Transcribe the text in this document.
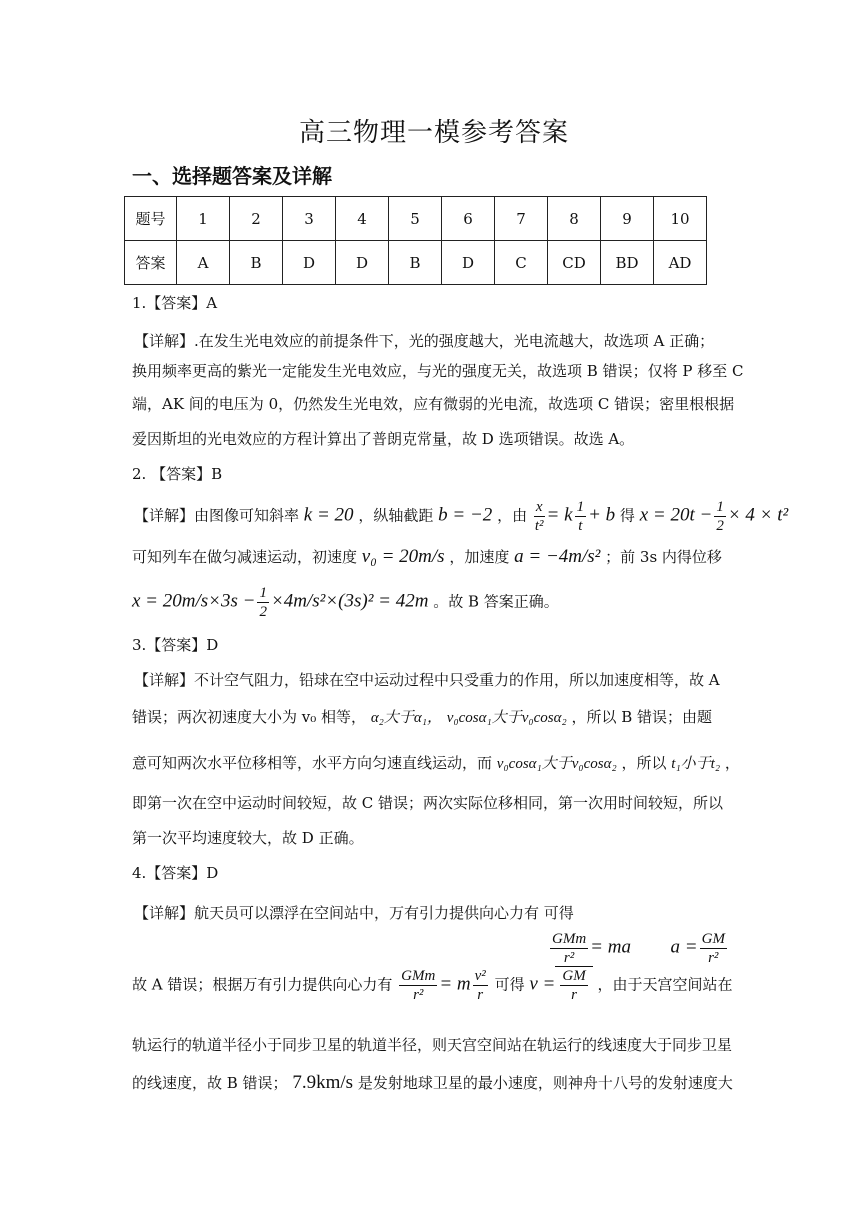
高三物理一模参考答案
一、选择题答案及详解
题号	1	2	3	4	5	6	7	8	9	10
答案	A	B	D	D	B	D	C	CD	BD	AD
1.【答案】A
【详解】.在发生光电效应的前提条件下，光的强度越大，光电流越大，故选项 A 正确；
换用频率更高的紫光一定能发生光电效应，与光的强度无关，故选项 B 错误；仅将 P 移至 C
端，AK 间的电压为 0，仍然发生光电效，应有微弱的光电流，故选项 C 错误；密里根根据
爱因斯坦的光电效应的方程计算出了普朗克常量，故 D 选项错误。故选 A。
2. 【答案】B
【详解】由图像可知斜率 k = 20 ，纵轴截距 b = −2 ，由 $\frac{x}{\text{t²}} = k \frac{1}{t} + b$ 得 $x = 20t - \frac{1}{2} \times 4 \times t^2$
可知列车在做匀减速运动，初速度 v₀ = 20m/s ，加速度 a = −4m/s² ；前 3s 内得位移
$x = 20m/s\times 3s - \frac{1}{2} \times 4m/s^2\times(3s)^2 = 42m$ 。故 B 答案正确。
3.【答案】D
【详解】不计空气阻力，铅球在空中运动过程中只受重力的作用，所以加速度相等，故 A
错误；两次初速度大小为 v₀ 相等， α₂大于α₁， v₀cosα₁大于v₀cosα₂ ，所以 B 错误；由题
意可知两次水平位移相等，水平方向匀速直线运动，而 v₀cosα₁大于v₀cosα₂ ，所以 t₁小于t₂ ，
即第一次在空中运动时间较短，故 C 错误；两次实际位移相同，第一次用时间较短，所以
第一次平均速度较大，故 D 正确。
4.【答案】D
【详解】航天员可以漂浮在空间站中，万有引力提供向心力有 可得
$\frac{\text{GMm}}{\text{r²}}$ = ma $a = \frac{GM}{\text{r²}}$
故 A 错误；根据万有引力提供向心力有 $\frac{\text{GMm}}{\text{r²}} = m \frac{\text{v²}}{r}$ 可得 $v = \frac{GM}{r}$ ，由于天宫空间站在
轨运行的轨道半径小于同步卫星的轨道半径，则天宫空间站在轨运行的线速度大于同步卫星
的线速度，故 B 错误； 7.9km/s 是发射地球卫星的最小速度，则神舟十八号的发射速度大
